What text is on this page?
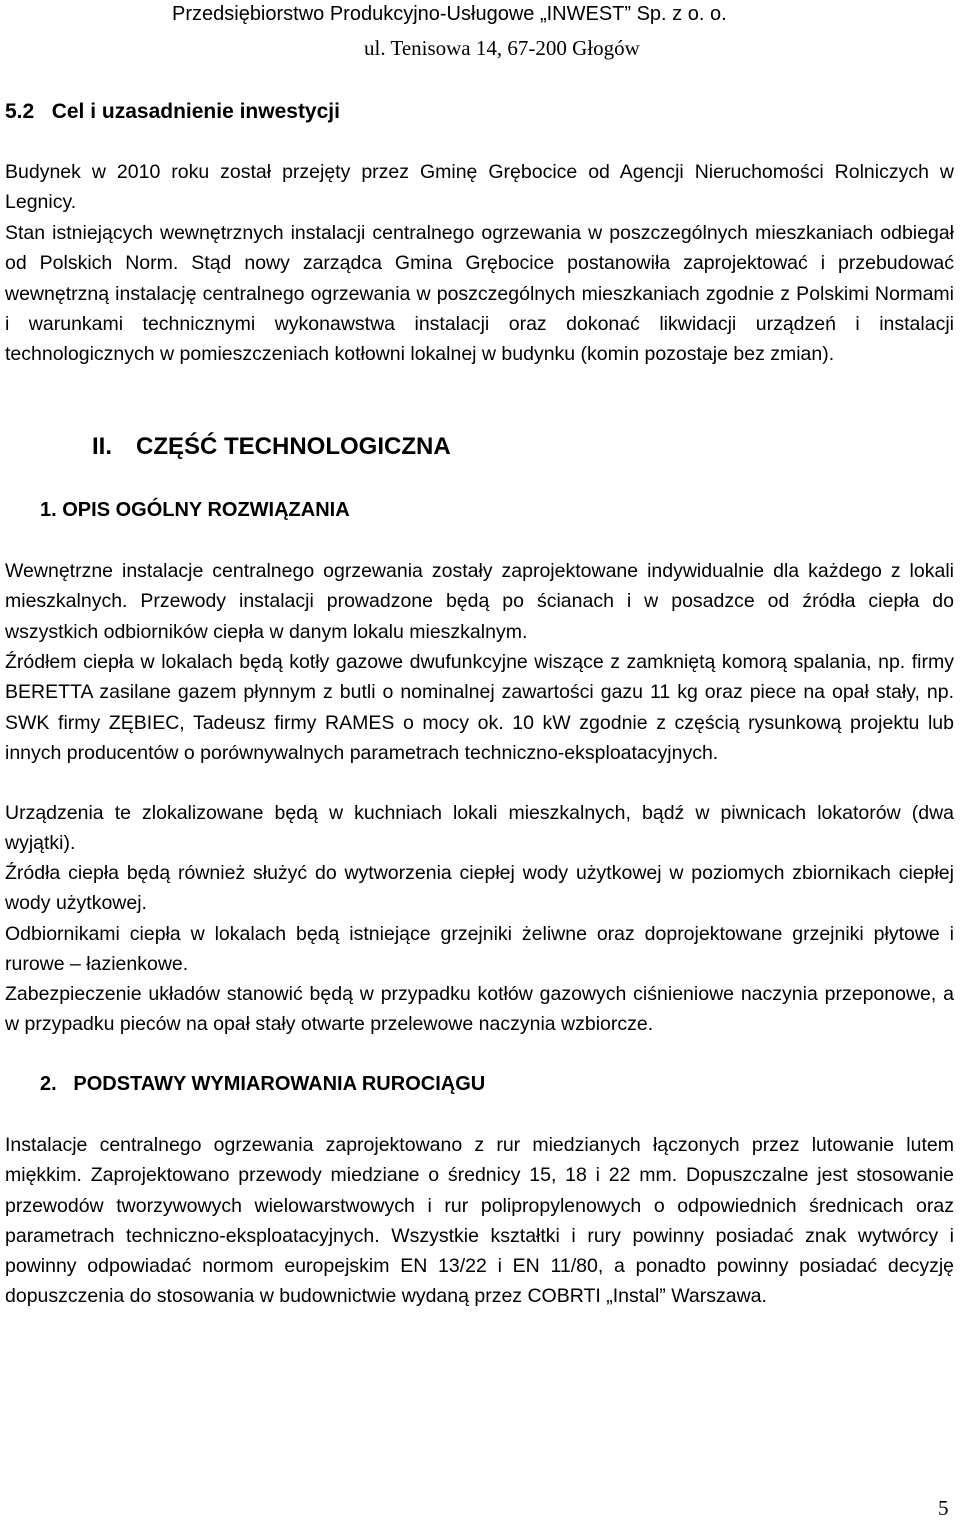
Przedsiębiorstwo Produkcyjno-Usługowe „INWEST” Sp. z o. o.
ul. Tenisowa 14, 67-200 Głogów
5.2   Cel i uzasadnienie inwestycji
Budynek w 2010 roku został przejęty przez Gminę Grębocice od Agencji Nieruchomości Rolniczych w Legnicy.
Stan istniejących wewnętrznych instalacji centralnego ogrzewania w poszczególnych mieszkaniach odbiegał od Polskich Norm. Stąd nowy zarządca Gmina Grębocice postanowiła zaprojektować i przebudować wewnętrzną instalację centralnego ogrzewania w poszczególnych mieszkaniach zgodnie z Polskimi Normami i warunkami technicznymi wykonawstwa instalacji oraz dokonać likwidacji urządzeń i instalacji technologicznych w pomieszczeniach kotłowni lokalnej w budynku (komin pozostaje bez zmian).
II. CZĘŚĆ TECHNOLOGICZNA
1. OPIS OGÓLNY ROZWIĄZANIA
Wewnętrzne instalacje centralnego ogrzewania zostały zaprojektowane indywidualnie dla każdego z lokali mieszkalnych. Przewody instalacji prowadzone będą po ścianach i w posadzce od źródła ciepła do wszystkich odbiorników ciepła w danym lokalu mieszkalnym.
Źródłem ciepła w lokalach będą kotły gazowe dwufunkcyjne wiszące z zamkniętą komorą spalania, np. firmy BERETTA zasilane gazem płynnym z butli o nominalnej zawartości gazu 11 kg oraz piece na opał stały, np. SWK firmy ZĘBIEC, Tadeusz firmy RAMES o mocy ok. 10 kW zgodnie z częścią rysunkową projektu lub innych producentów o porównywalnych parametrach techniczno-eksploatacyjnych.
Urządzenia te zlokalizowane będą w kuchniach lokali mieszkalnych, bądź w piwnicach lokatorów (dwa wyjątki).
Źródła ciepła będą również służyć do wytworzenia ciepłej wody użytkowej w poziomych zbiornikach ciepłej wody użytkowej.
Odbiornikami ciepła w lokalach będą istniejące grzejniki żeliwne oraz doprojektowane grzejniki płytowe i rurowe – łazienkowe.
Zabezpieczenie układów stanowić będą w przypadku kotłów gazowych ciśnieniowe naczynia przeponowe, a w przypadku pieców na opał stały otwarte przelewowe naczynia wzbiorcze.
2.   PODSTAWY WYMIAROWANIA RUROCIĄGU
Instalacje centralnego ogrzewania zaprojektowano z rur miedzianych łączonych przez lutowanie lutem miękkim. Zaprojektowano przewody miedziane o średnicy 15, 18 i 22 mm. Dopuszczalne jest stosowanie przewodów tworzywowych wielowarstwowych i rur polipropylenowych o odpowiednich średnicach oraz parametrach techniczno-eksploatacyjnych. Wszystkie kształtki i rury powinny posiadać znak wytwórcy i powinny odpowiadać normom europejskim EN 13/22 i EN 11/80, a ponadto powinny posiadać decyzję dopuszczenia do stosowania w budownictwie wydaną przez COBRTI „Instal” Warszawa.
5
